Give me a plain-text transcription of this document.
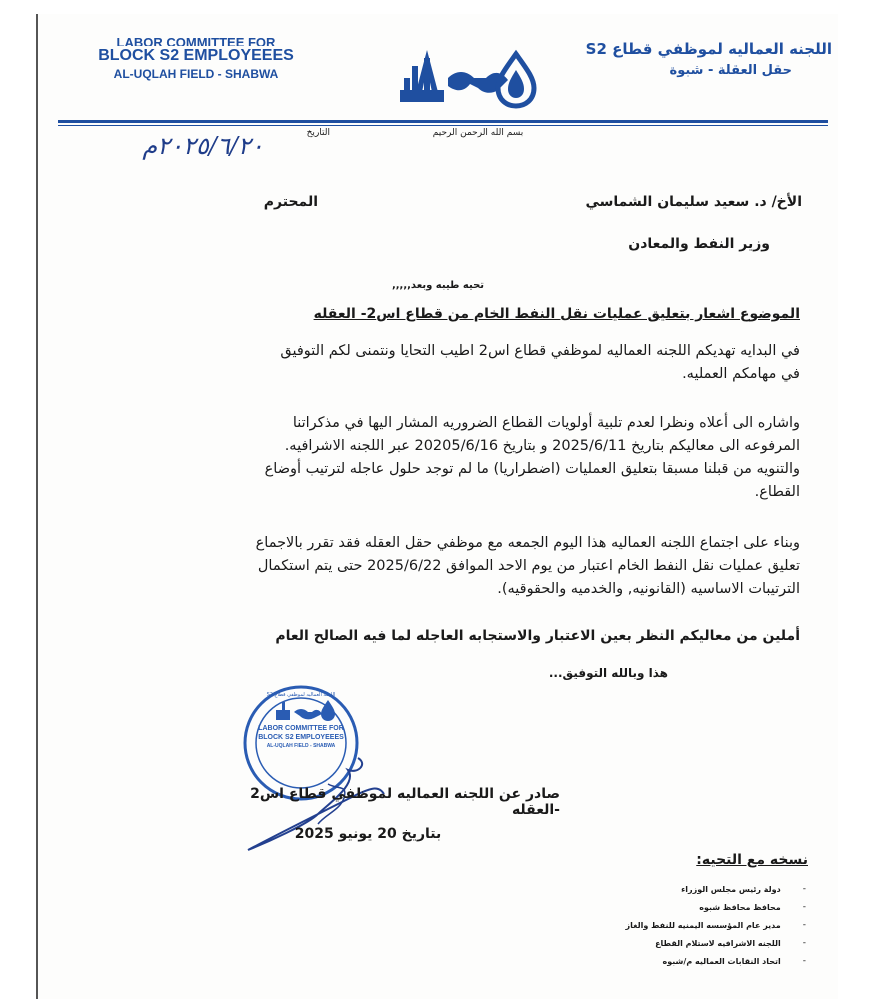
LABOR COMMITTEE FOR
BLOCK S2 EMPLOYEEES
AL-UQLAH FIELD - SHABWA
اللجنه العماليه لموظفي قطاع S2
حقل العقلة - شبوة
بسم الله الرحمن الرحيم
التاريخ
٢٠٢٥/٦/٢٠م
الأخ/ د. سعيد سليمان الشماسي
المحترم
وزير النفط والمعادن
تحيه طيبه وبعد,,,,,
الموضوع اشعار بتعليق عمليات نقل النفط الخام من قطاع اس2- العقله
في البدايه تهديكم اللجنه العماليه لموظفي قطاع اس2 اطيب التحايا ونتمنى لكم التوفيق في مهامكم العمليه.
واشاره الى أعلاه ونظرا لعدم تلبية أولويات القطاع الضروريه المشار اليها في مذكراتنا المرفوعه الى معاليكم بتاريخ 2025/6/11 و بتاريخ 20205/6/16 عبر اللجنه الاشرافيه. والتنويه من قبلنا مسبقا بتعليق العمليات (اضطراريا) ما لم توجد حلول عاجله لترتيب أوضاع القطاع.
وبناء على اجتماع اللجنه العماليه هذا اليوم الجمعه مع موظفي حقل العقله فقد تقرر بالاجماع تعليق عمليات نقل النفط الخام اعتبار من يوم الاحد الموافق 2025/6/22 حتى يتم استكمال الترتيبات الاساسيه (القانونيه, والخدميه والحقوقيه).
أملين من معاليكم النظر بعين الاعتبار والاستجابه العاجله لما فيه الصالح العام
هذا وبالله التوفيق...
LABOR COMMITTEE FOR
BLOCK S2 EMPLOYEEES
AL-UQLAH FIELD - SHABWA
اللجنه العماليه لموظفي قطاع S2
صادر عن اللجنه العماليه لموظفي قطاع اس2 -العقله
بتاريخ 20 يونيو 2025
نسخه مع التحيه:
-
دولة رئيس مجلس الوزراء
-
محافظ محافظ شبوه
-
مدير عام المؤسسه اليمنيه للنفط والغاز
-
اللجنه الاشرافيه لاستلام القطاع
-
اتحاد النقابات العماليه م/شبوه
